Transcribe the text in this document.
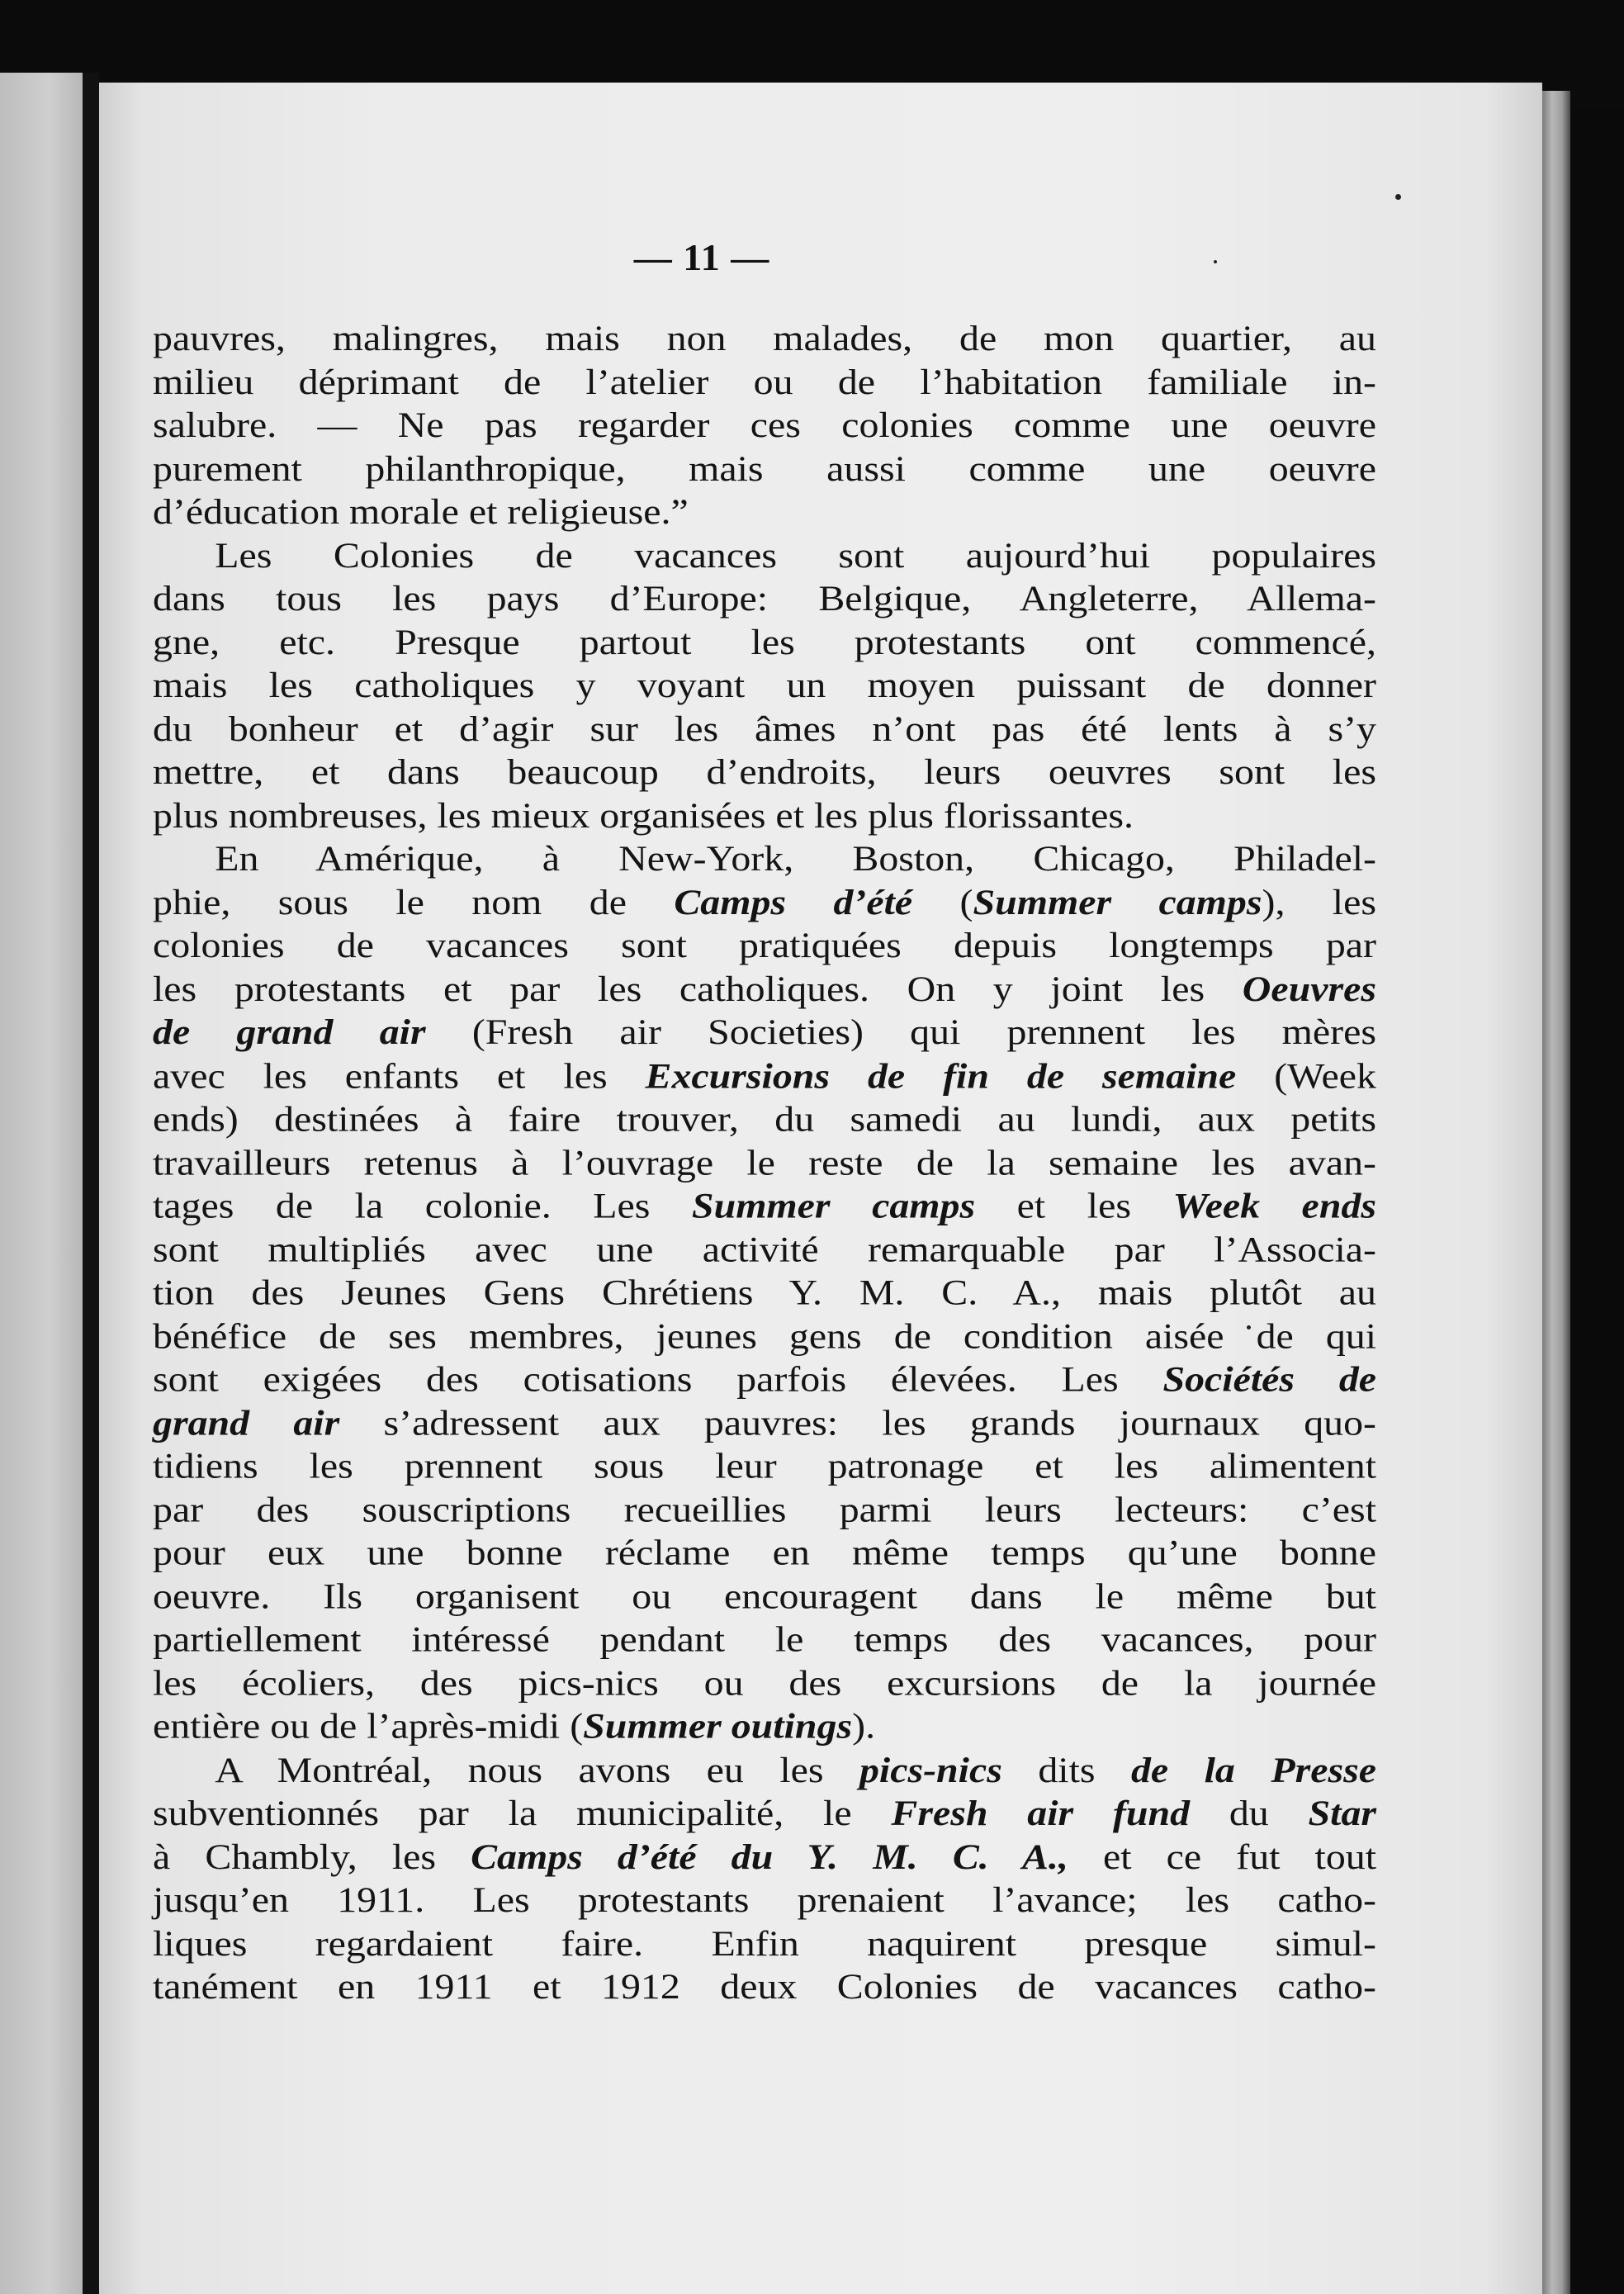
— 11 —
pauvres, malingres, mais non malades, de mon quartier, au
milieu déprimant de l’atelier ou de l’habitation familiale in-
salubre. — Ne pas regarder ces colonies comme une oeuvre
purement philanthropique, mais aussi comme une oeuvre
d’éducation morale et religieuse.”
Les Colonies de vacances sont aujourd’hui populaires
dans tous les pays d’Europe: Belgique, Angleterre, Allema-
gne, etc. Presque partout les protestants ont commencé,
mais les catholiques y voyant un moyen puissant de donner
du bonheur et d’agir sur les âmes n’ont pas été lents à s’y
mettre, et dans beaucoup d’endroits, leurs oeuvres sont les
plus nombreuses, les mieux organisées et les plus florissantes.
En Amérique, à New-York, Boston, Chicago, Philadel-
phie, sous le nom de Camps d’été (Summer camps), les
colonies de vacances sont pratiquées depuis longtemps par
les protestants et par les catholiques. On y joint les Oeuvres
de grand air (Fresh air Societies) qui prennent les mères
avec les enfants et les Excursions de fin de semaine (Week
ends) destinées à faire trouver, du samedi au lundi, aux petits
travailleurs retenus à l’ouvrage le reste de la semaine les avan-
tages de la colonie. Les Summer camps et les Week ends
sont multipliés avec une activité remarquable par l’Associa-
tion des Jeunes Gens Chrétiens Y. M. C. A., mais plutôt au
bénéfice de ses membres, jeunes gens de condition aisée de qui
sont exigées des cotisations parfois élevées. Les Sociétés de
grand air s’adressent aux pauvres: les grands journaux quo-
tidiens les prennent sous leur patronage et les alimentent
par des souscriptions recueillies parmi leurs lecteurs: c’est
pour eux une bonne réclame en même temps qu’une bonne
oeuvre. Ils organisent ou encouragent dans le même but
partiellement intéressé pendant le temps des vacances, pour
les écoliers, des pics-nics ou des excursions de la journée
entière ou de l’après-midi (Summer outings).
A Montréal, nous avons eu les pics-nics dits de la Presse
subventionnés par la municipalité, le Fresh air fund du Star
à Chambly, les Camps d’été du Y. M. C. A., et ce fut tout
jusqu’en 1911. Les protestants prenaient l’avance; les catho-
liques regardaient faire. Enfin naquirent presque simul-
tanément en 1911 et 1912 deux Colonies de vacances catho-
